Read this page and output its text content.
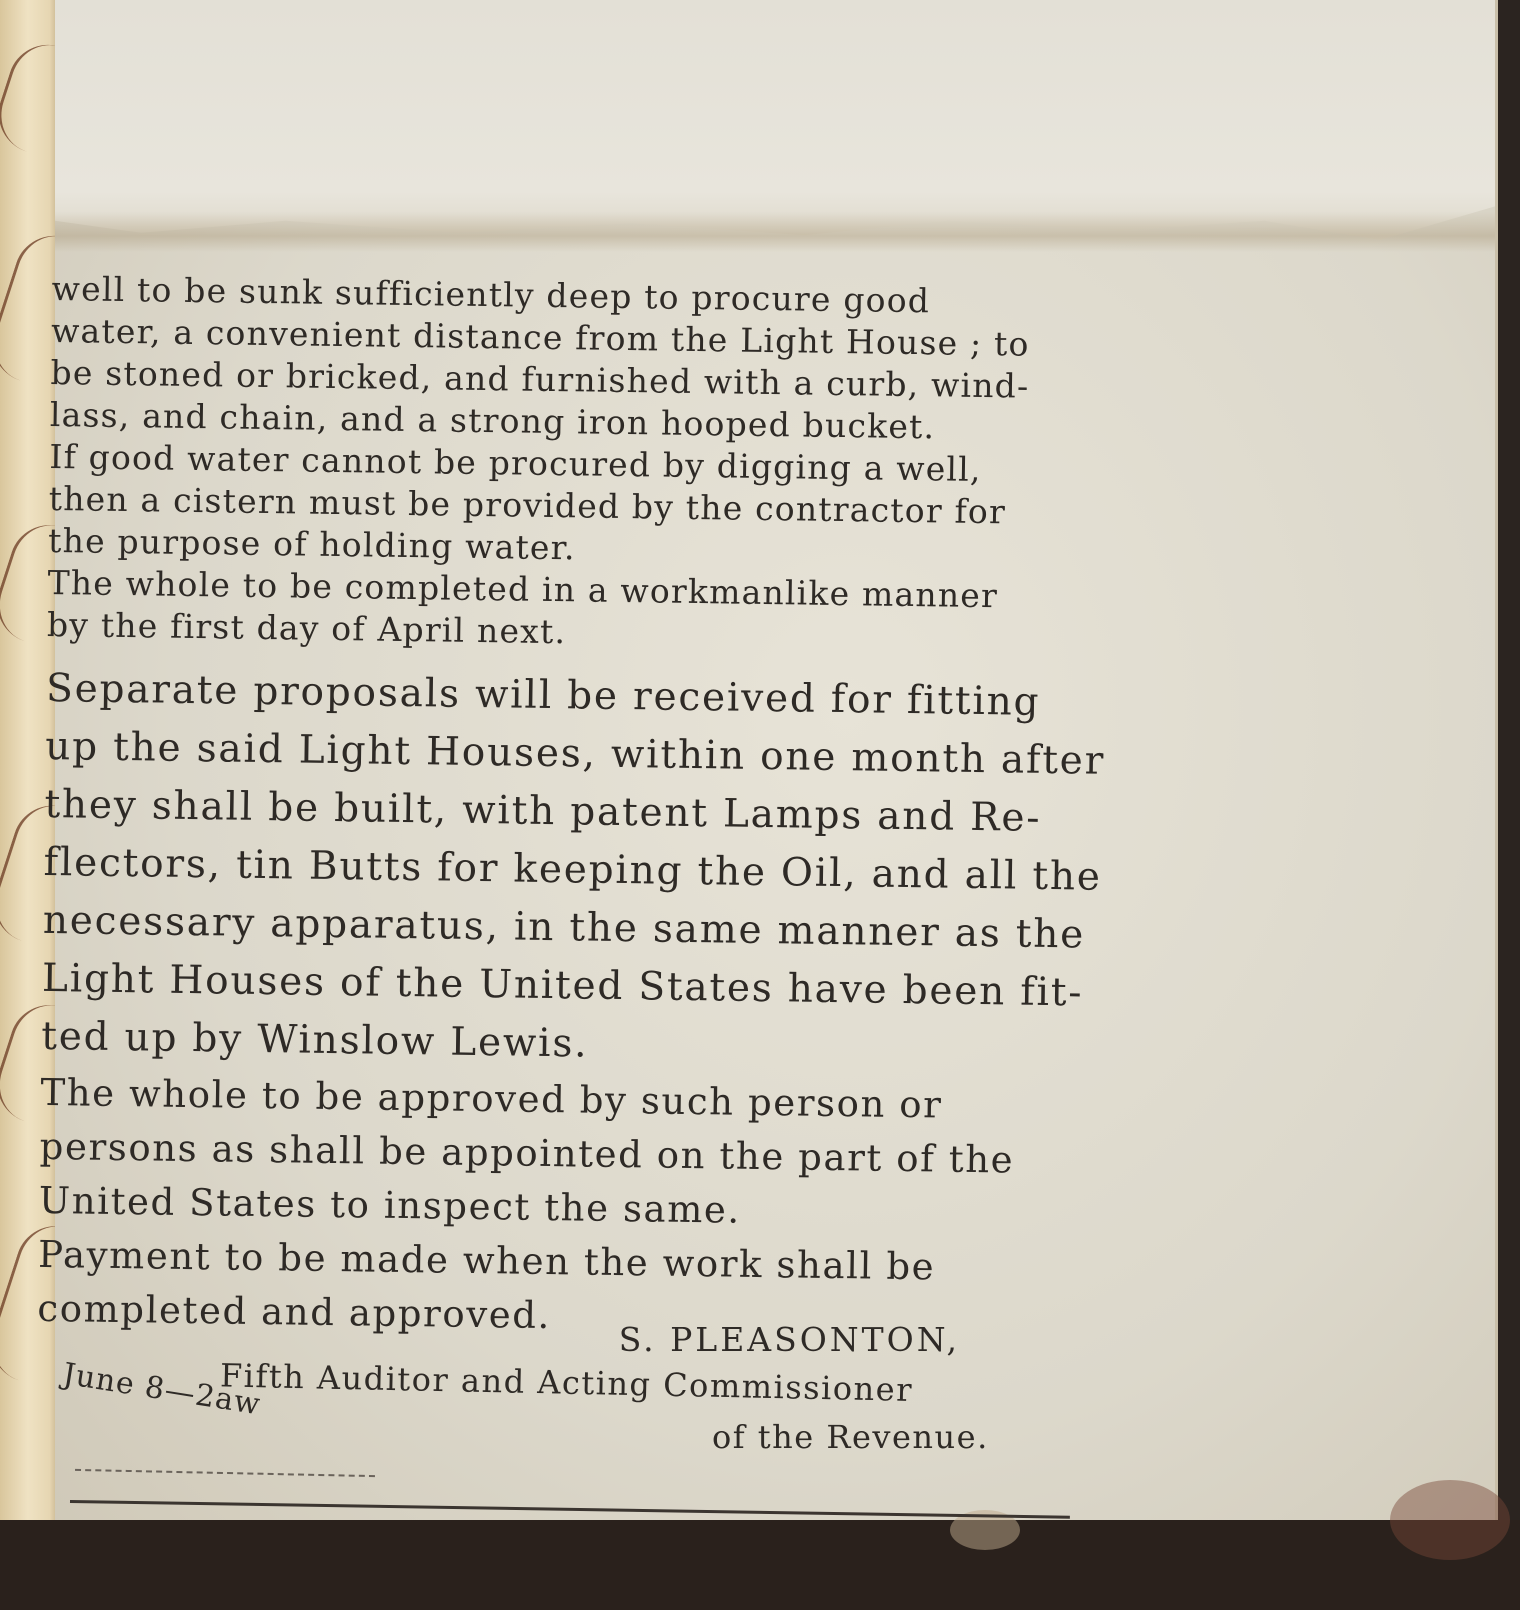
well to be sunk sufficiently deep to procure good
water, a convenient distance from the Light House ; to
be stoned or bricked, and furnished with a curb, wind-
lass, and chain, and a strong iron hooped bucket.
If good water cannot be procured by digging a well,
then a cistern must be provided by the contractor for
the purpose of holding water.
The whole to be completed in a workmanlike manner
by the first day of April next.
Separate proposals will be received for fitting
up the said Light Houses, within one month after
they shall be built, with patent Lamps and Re-
flectors, tin Butts for keeping the Oil, and all the
necessary apparatus, in the same manner as the
Light Houses of the United States have been fit-
ted up by Winslow Lewis.
The whole to be approved by such person or
persons as shall be appointed on the part of the
United States to inspect the same.
Payment to be made when the work shall be
completed and approved.
S. PLEASONTON,
Fifth Auditor and Acting Commissioner
of the Revenue.
June 8—2aw
